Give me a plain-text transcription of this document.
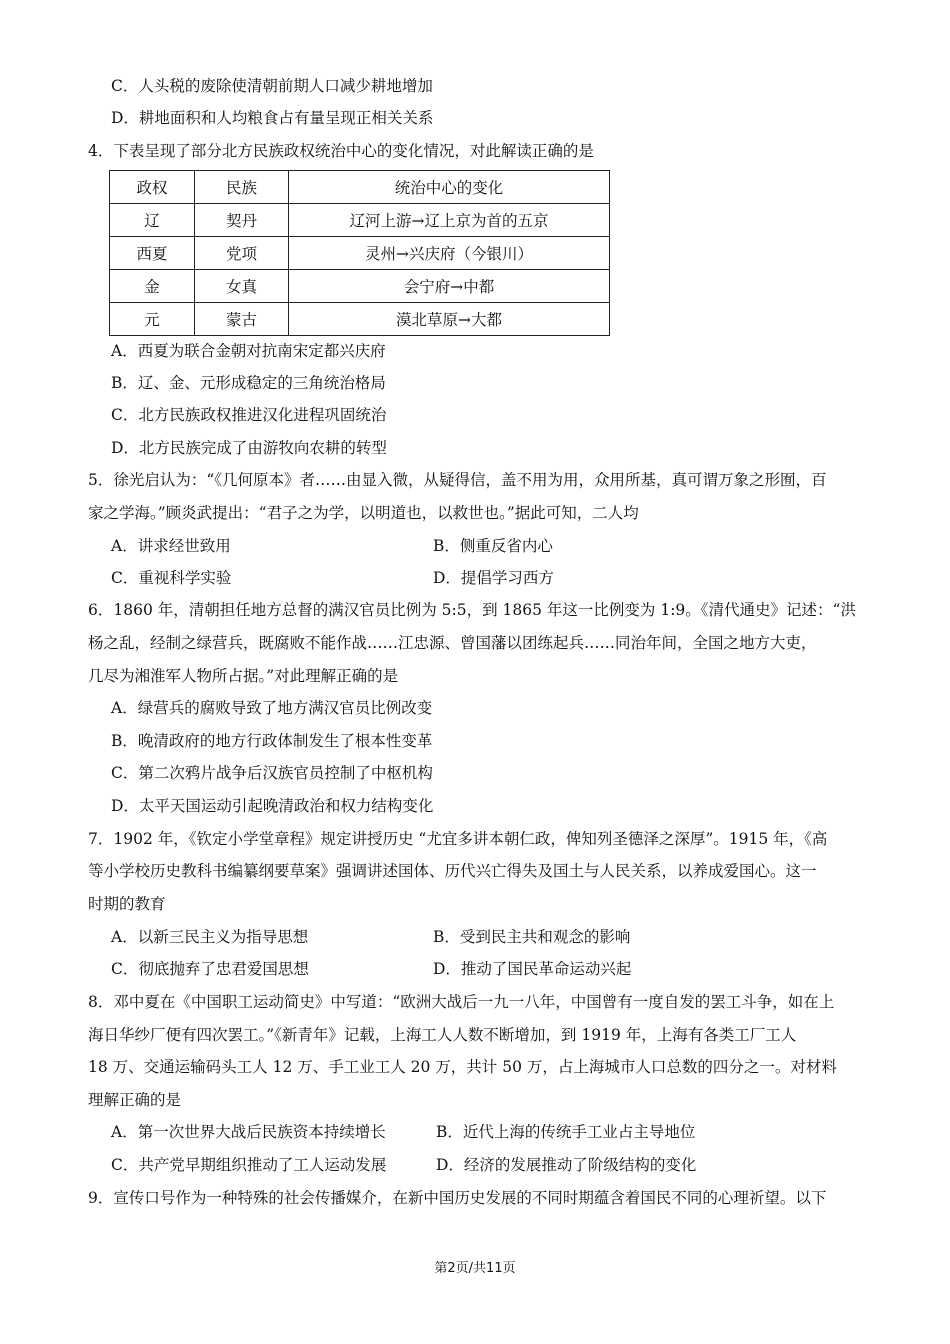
C．人头税的废除使清朝前期人口减少耕地增加
D．耕地面积和人均粮食占有量呈现正相关关系
4．下表呈现了部分北方民族政权统治中心的变化情况，对此解读正确的是
政权	民族	统治中心的变化
辽	契丹	辽河上游→辽上京为首的五京
西夏	党项	灵州→兴庆府（今银川）
金	女真	会宁府→中都
元	蒙古	漠北草原→大都
A．西夏为联合金朝对抗南宋定都兴庆府
B．辽、金、元形成稳定的三角统治格局
C．北方民族政权推进汉化进程巩固统治
D．北方民族完成了由游牧向农耕的转型
5．徐光启认为：“《几何原本》者……由显入微，从疑得信，盖不用为用，众用所基，真可谓万象之形囿，百
家之学海。”顾炎武提出：“君子之为学，以明道也，以救世也。”据此可知，二人均
A．讲求经世致用	B．侧重反省内心
C．重视科学实验	D．提倡学习西方
6．1860 年，清朝担任地方总督的满汉官员比例为 5:5，到 1865 年这一比例变为 1:9。《清代通史》记述：“洪
杨之乱，经制之绿营兵，既腐败不能作战……江忠源、曾国藩以团练起兵……同治年间，全国之地方大吏，
几尽为湘淮军人物所占据。”对此理解正确的是
A．绿营兵的腐败导致了地方满汉官员比例改变
B．晚清政府的地方行政体制发生了根本性变革
C．第二次鸦片战争后汉族官员控制了中枢机构
D．太平天国运动引起晚清政治和权力结构变化
7．1902 年，《钦定小学堂章程》规定讲授历史 “尤宜多讲本朝仁政，俾知列圣德泽之深厚”。1915 年，《高
等小学校历史教科书编纂纲要草案》强调讲述国体、历代兴亡得失及国土与人民关系，以养成爱国心。这一
时期的教育
A．以新三民主义为指导思想	B．受到民主共和观念的影响
C．彻底抛弃了忠君爱国思想	D．推动了国民革命运动兴起
8．邓中夏在《中国职工运动简史》中写道：“欧洲大战后一九一八年，中国曾有一度自发的罢工斗争，如在上
海日华纱厂便有四次罢工。”《新青年》记载，上海工人人数不断增加，到 1919 年，上海有各类工厂工人
18 万、交通运输码头工人 12 万、手工业工人 20 万，共计 50 万，占上海城市人口总数的四分之一。对材料
理解正确的是
A．第一次世界大战后民族资本持续增长	B．近代上海的传统手工业占主导地位
C．共产党早期组织推动了工人运动发展	D．经济的发展推动了阶级结构的变化
9．宣传口号作为一种特殊的社会传播媒介，在新中国历史发展的不同时期蕴含着国民不同的心理祈望。以下
第2页/共11页
